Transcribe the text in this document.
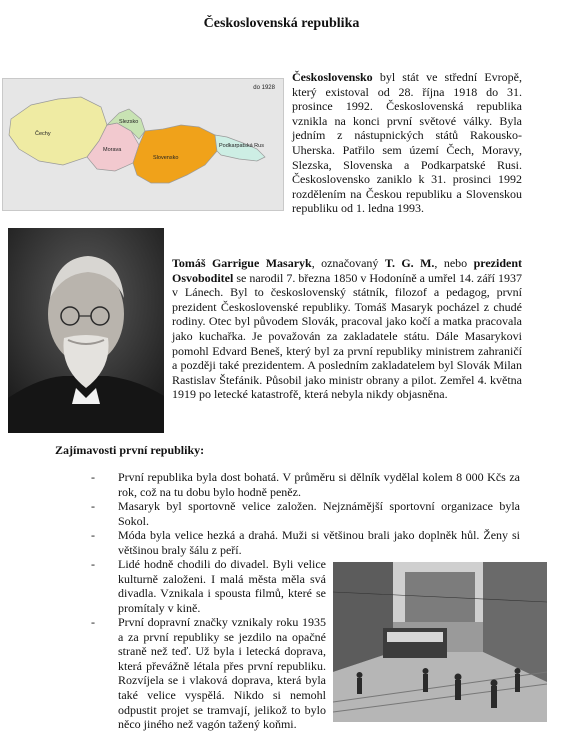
Československá republika
Čechy
Morava
Slezsko
Slovensko
Podkarpatská Rus
do 1928
Československo byl stát ve střední Evropě, který existoval od 28. října 1918 do 31. prosince 1992. Československá republika vznikla na konci první světové války. Byla jedním z nástupnických států Rakousko-Uherska. Patřilo sem území Čech, Moravy, Slezska, Slovenska a Podkarpatské Rusi. Československo zaniklo k 31. prosinci 1992 rozdělením na Českou republiku a Slovenskou republiku od 1. ledna 1993.
Tomáš Garrigue Masaryk, označovaný T. G. M., nebo prezident Osvoboditel se narodil 7. března 1850 v Hodoníně a umřel 14. září 1937 v Lánech. Byl to československý státník, filozof a pedagog, první prezident Československé republiky. Tomáš Masaryk pocházel z chudé rodiny. Otec byl původem Slovák, pracoval jako kočí a matka pracovala jako kuchařka. Je považován za zakladatele státu. Dále Masarykovi pomohl Edvard Beneš, který byl za první republiky ministrem zahraničí a později také prezidentem. A posledním zakladatelem byl Slovák Milan Rastislav Štefánik. Působil jako ministr obrany a pilot. Zemřel 4. května 1919 po letecké katastrofě, která nebyla nikdy objasněna.
Zajímavosti první republiky:
- První republika byla dost bohatá. V průměru si dělník vydělal kolem 8 000 Kčs za rok, což na tu dobu bylo hodně peněz.
- Masaryk byl sportovně velice založen. Nejznámější sportovní organizace byla Sokol.
- Móda byla velice hezká a drahá. Muži si většinou brali jako doplněk hůl. Ženy si většinou braly šálu z peří.
- Lidé hodně chodili do divadel. Byli velice kulturně založeni. I malá města měla svá divadla. Vznikala i spousta filmů, které se promítaly v kině.
- První dopravní značky vznikaly roku 1935 a za první republiky se jezdilo na opačné straně než teď. Už byla i letecká doprava, která převážně létala přes první republiku. Rozvíjela se i vlaková doprava, která byla také velice vyspělá. Nikdo si nemohl odpustit projet se tramvají, jelikož to bylo něco jiného než vagón tažený koňmi.
